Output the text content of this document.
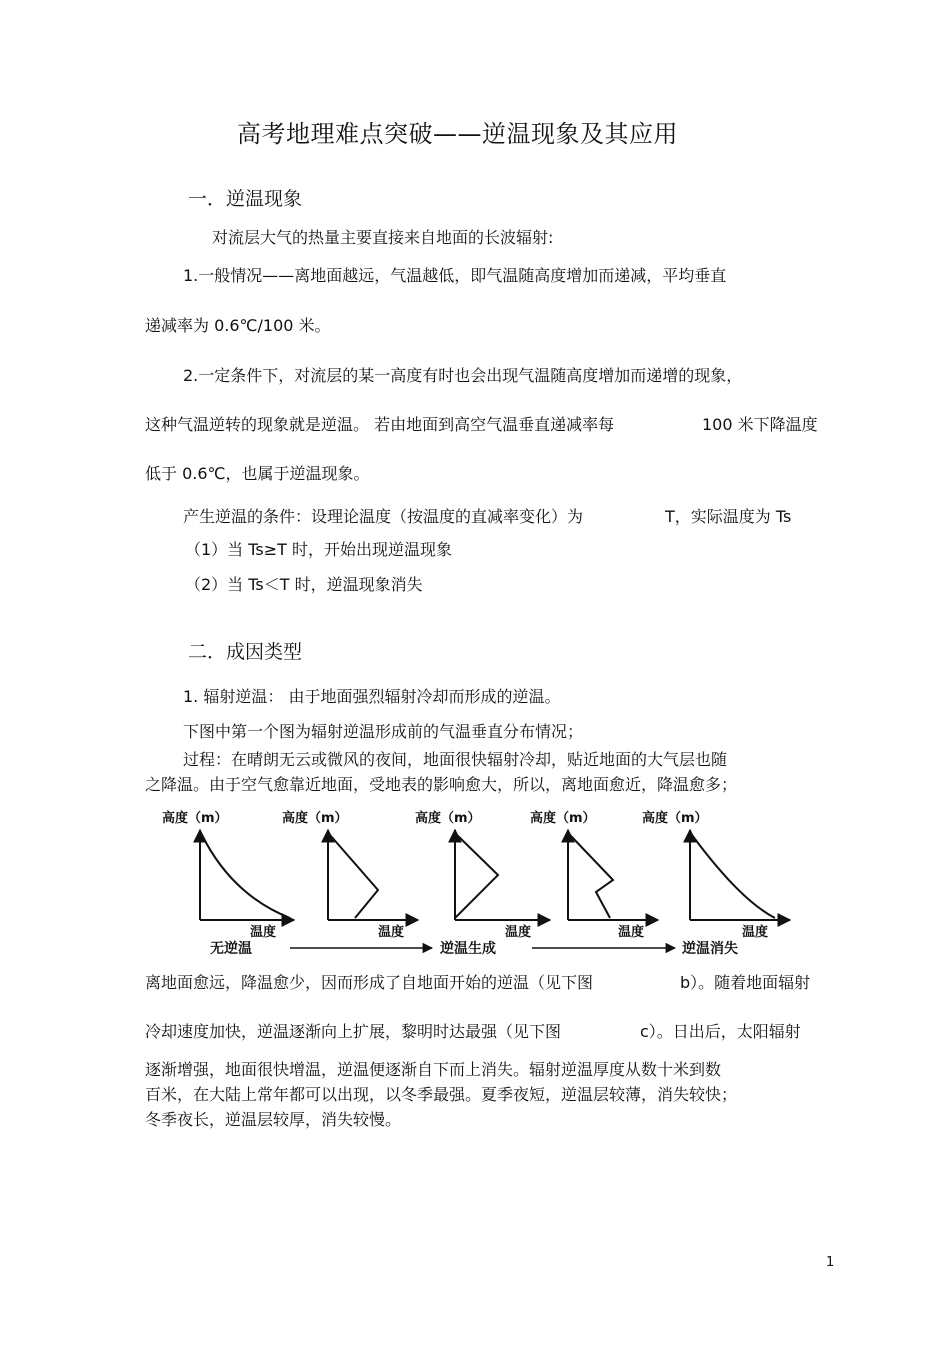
高考地理难点突破——逆温现象及其应用
一．逆温现象
对流层大气的热量主要直接来自地面的长波辐射:
1.一般情况——离地面越远，气温越低，即气温随高度增加而递减，平均垂直
递减率为 0.6℃/100 米。
2.一定条件下，对流层的某一高度有时也会出现气温随高度增加而递增的现象，
这种气温逆转的现象就是逆温。 若由地面到高空气温垂直递减率每	100 米下降温度
低于 0.6℃，也属于逆温现象。
产生逆温的条件：设理论温度（按温度的直减率变化）为	T，实际温度为 Ts
（1）当 Ts≥T 时，开始出现逆温现象
（2）当 Ts＜T 时，逆温现象消失
二．成因类型
1. 辐射逆温： 由于地面强烈辐射冷却而形成的逆温。
下图中第一个图为辐射逆温形成前的气温垂直分布情况；
过程：在晴朗无云或微风的夜间，地面很快辐射冷却，贴近地面的大气层也随
之降温。由于空气愈靠近地面，受地表的影响愈大，所以，离地面愈近，降温愈多；
高度（m）
温度
高度（m）
温度
高度（m）
温度
高度（m）
温度
高度（m）
温度
无逆温	逆温生成	逆温消失
离地面愈远，降温愈少，因而形成了自地面开始的逆温（见下图	b）。随着地面辐射
冷却速度加快，逆温逐渐向上扩展，黎明时达最强（见下图	c）。日出后，太阳辐射
逐渐增强，地面很快增温，逆温便逐渐自下而上消失。辐射逆温厚度从数十米到数
百米，在大陆上常年都可以出现，以冬季最强。夏季夜短，逆温层较薄，消失较快；
冬季夜长，逆温层较厚，消失较慢。
1
